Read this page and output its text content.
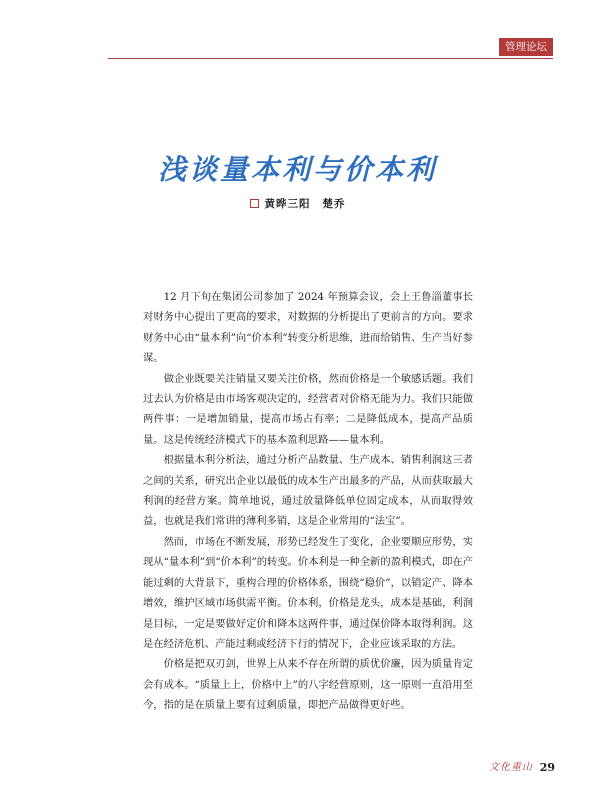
管理论坛
浅谈量本利与价本利
黄晔三阳 楚乔

12 月下旬在集团公司参加了 2024 年预算会议，会上王鲁淄董事长对财务中心提出了更高的要求，对数据的分析提出了更前言的方向。要求财务中心由“量本利”向“价本利”转变分析思维，进而给销售、生产当好参谋。

做企业既要关注销量又要关注价格，然而价格是一个敏感话题。我们过去认为价格是由市场客观决定的，经营者对价格无能为力。我们只能做两件事：一是增加销量，提高市场占有率；二是降低成本，提高产品质量。这是传统经济模式下的基本盈利思路——量本利。

根据量本利分析法，通过分析产品数量、生产成本、销售利润这三者之间的关系，研究出企业以最低的成本生产出最多的产品，从而获取最大利润的经营方案。简单地说，通过放量降低单位固定成本，从而取得效益，也就是我们常讲的薄利多销，这是企业常用的“法宝”。

然而，市场在不断发展，形势已经发生了变化，企业要顺应形势，实现从“量本利”到“价本利”的转变。价本利是一种全新的盈利模式，即在产能过剩的大背景下，重构合理的价格体系，围绕“稳价”，以销定产、降本增效，维护区域市场供需平衡。价本利，价格是龙头，成本是基础，利润是目标，一定是要做好定价和降本这两件事，通过保价降本取得利润。这是在经济危机、产能过剩或经济下行的情况下，企业应该采取的方法。

价格是把双刃剑，世界上从来不存在所谓的质优价廉，因为质量肯定会有成本。“质量上上，价格中上”的八字经营原则，这一原则一直沿用至今，指的是在质量上要有过剩质量，即把产品做得更好些。

文化重山 29
